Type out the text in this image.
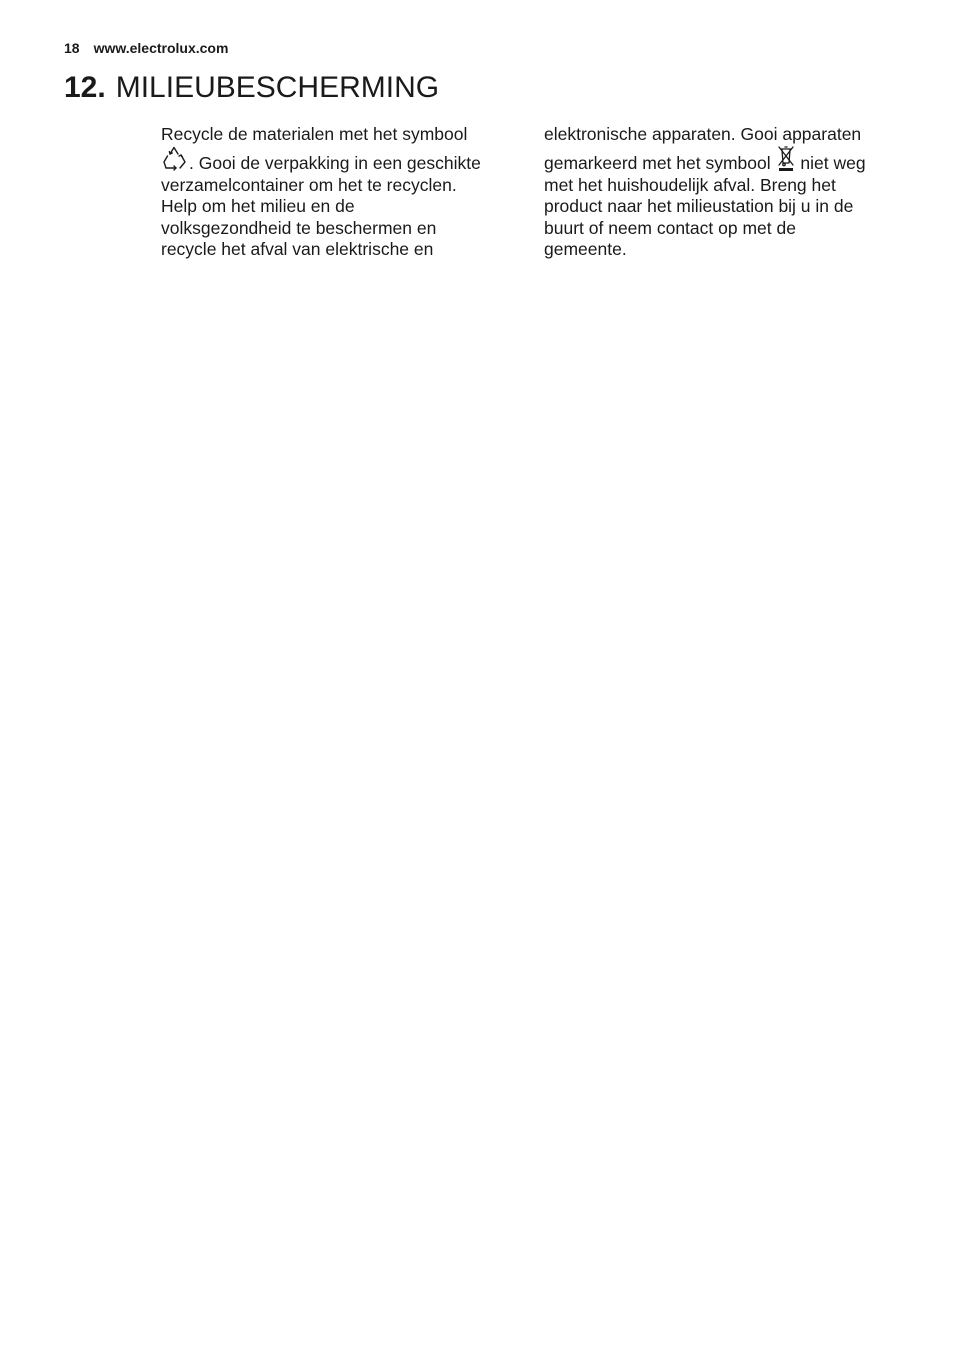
18 www.electrolux.com
12. MILIEUBESCHERMING
Recycle de materialen met het symbool
. Gooi de verpakking in een geschikte
verzamelcontainer om het te recyclen.
Help om het milieu en de
volksgezondheid te beschermen en
recycle het afval van elektrische en
elektronische apparaten. Gooi apparaten
gemarkeerd met het symbool niet weg
met het huishoudelijk afval. Breng het
product naar het milieustation bij u in de
buurt of neem contact op met de
gemeente.
